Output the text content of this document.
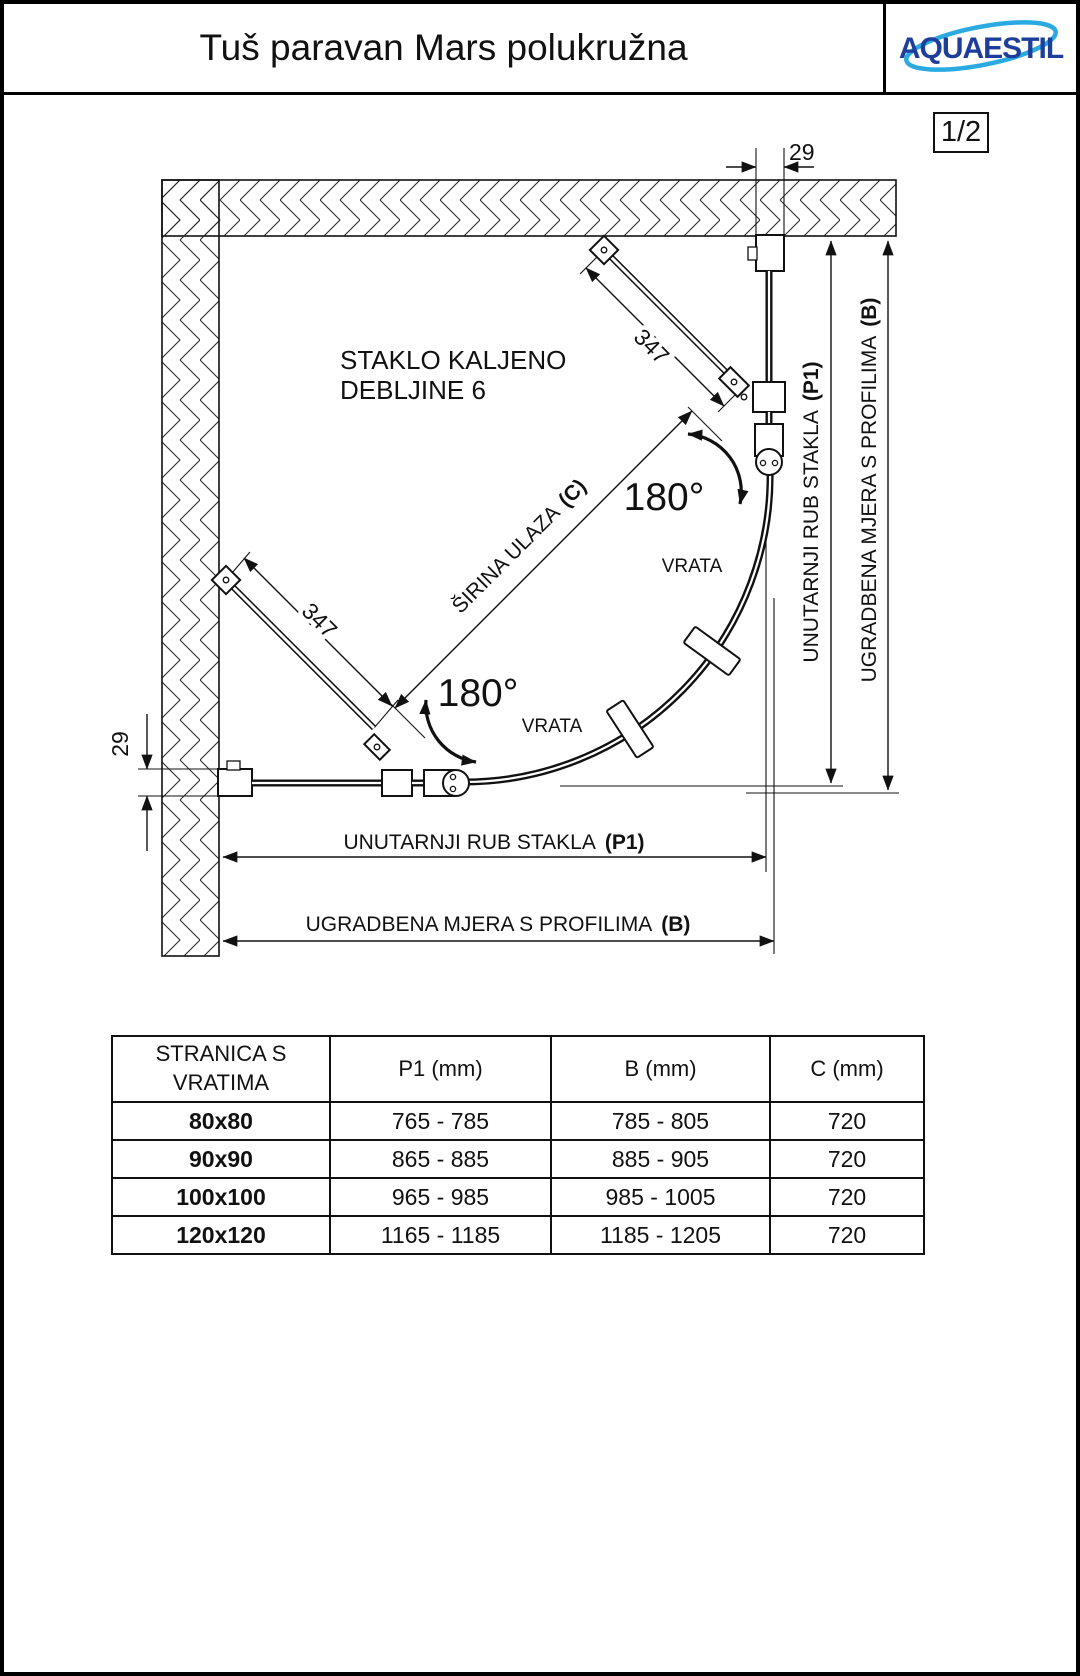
Tuš paravan Mars polukružna	AQUAESTIL
1/2
29
29
UNUTARNJI RUB STAKLA(P1) UGRADBENA MJERA S PROFILIMA(B)
UNUTARNJI RUB STAKLA (P1)
UGRADBENA MJERA S PROFILIMA (B)
347
347
ŠIRINA ULAZA(C) 180°
VRATA
180°
VRATA
STAKLO KALJENO
DEBLJINE 6
STRANICA S VRATIMA	P1 (mm)	B (mm)	C (mm)
80x80	765 - 785	785 - 805	720
90x90	865 - 885	885 - 905	720
100x100	965 - 985	985 - 1005	720
120x120	1165 - 1185	1185 - 1205	720
